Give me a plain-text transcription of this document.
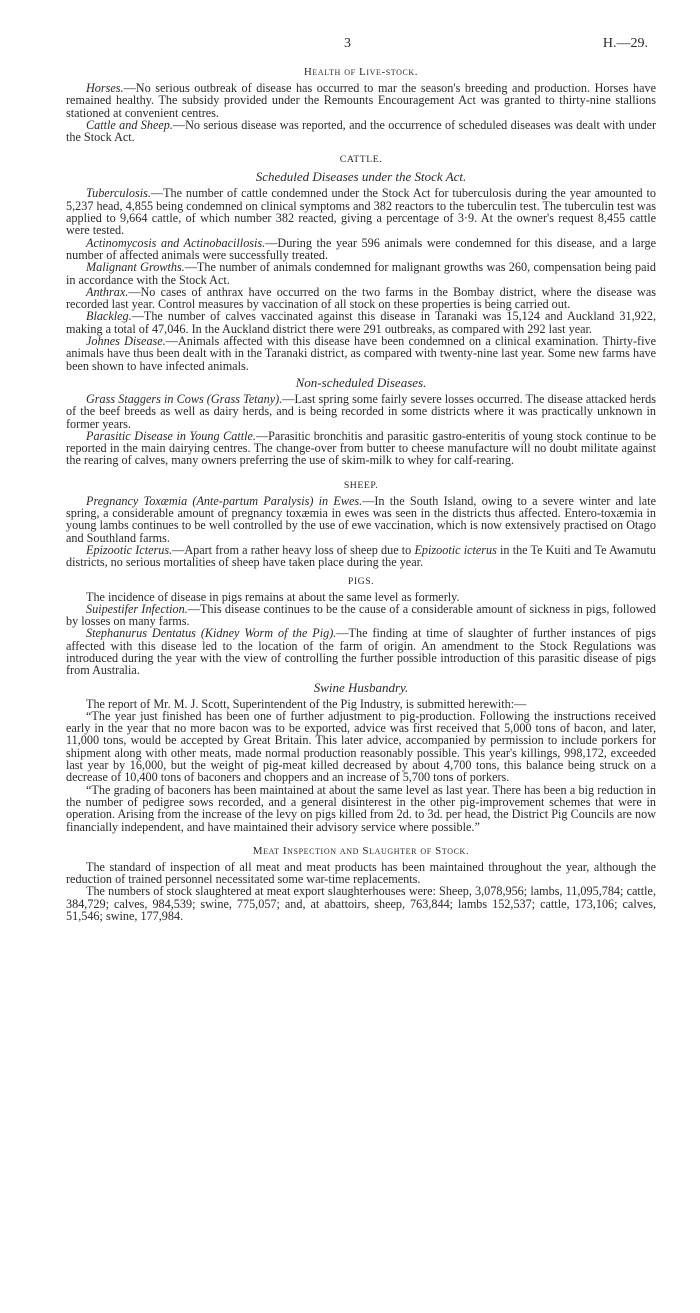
3	H.—29.
Health of Live-stock.

Horses.—No serious outbreak of disease has occurred to mar the season's breeding and production. Horses have remained healthy. The subsidy provided under the Remounts Encouragement Act was granted to thirty-nine stallions stationed at convenient centres.

Cattle and Sheep.—No serious disease was reported, and the occurrence of scheduled diseases was dealt with under the Stock Act.

CATTLE.
Scheduled Diseases under the Stock Act.

Tuberculosis.—The number of cattle condemned under the Stock Act for tuberculosis during the year amounted to 5,237 head, 4,855 being condemned on clinical symptoms and 382 reactors to the tuberculin test. The tuberculin test was applied to 9,664 cattle, of which number 382 reacted, giving a percentage of 3·9. At the owner's request 8,455 cattle were tested.

Actinomycosis and Actinobacillosis.—During the year 596 animals were condemned for this disease, and a large number of affected animals were successfully treated.

Malignant Growths.—The number of animals condemned for malignant growths was 260, compensation being paid in accordance with the Stock Act.

Anthrax.—No cases of anthrax have occurred on the two farms in the Bombay district, where the disease was recorded last year. Control measures by vaccination of all stock on these properties is being carried out.

Blackleg.—The number of calves vaccinated against this disease in Taranaki was 15,124 and Auckland 31,922, making a total of 47,046. In the Auckland district there were 291 outbreaks, as compared with 292 last year.

Johnes Disease.—Animals affected with this disease have been condemned on a clinical examination. Thirty-five animals have thus been dealt with in the Taranaki district, as compared with twenty-nine last year. Some new farms have been shown to have infected animals.

Non-scheduled Diseases.

Grass Staggers in Cows (Grass Tetany).—Last spring some fairly severe losses occurred. The disease attacked herds of the beef breeds as well as dairy herds, and is being recorded in some districts where it was practically unknown in former years.

Parasitic Disease in Young Cattle.—Parasitic bronchitis and parasitic gastro-enteritis of young stock continue to be reported in the main dairying centres. The change-over from butter to cheese manufacture will no doubt militate against the rearing of calves, many owners preferring the use of skim-milk to whey for calf-rearing.

SHEEP.

Pregnancy Toxæmia (Ante-partum Paralysis) in Ewes.—In the South Island, owing to a severe winter and late spring, a considerable amount of pregnancy toxæmia in ewes was seen in the districts thus affected. Entero-toxæmia in young lambs continues to be well controlled by the use of ewe vaccination, which is now extensively practised on Otago and Southland farms.

Epizootic Icterus.—Apart from a rather heavy loss of sheep due to Epizootic icterus in the Te Kuiti and Te Awamutu districts, no serious mortalities of sheep have taken place during the year.

PIGS.

The incidence of disease in pigs remains at about the same level as formerly.

Suipestifer Infection.—This disease continues to be the cause of a considerable amount of sickness in pigs, followed by losses on many farms.

Stephanurus Dentatus (Kidney Worm of the Pig).—The finding at time of slaughter of further instances of pigs affected with this disease led to the location of the farm of origin. An amendment to the Stock Regulations was introduced during the year with the view of controlling the further possible introduction of this parasitic disease of pigs from Australia.

Swine Husbandry.

The report of Mr. M. J. Scott, Superintendent of the Pig Industry, is submitted herewith:—

“The year just finished has been one of further adjustment to pig-production. Following the instructions received early in the year that no more bacon was to be exported, advice was first received that 5,000 tons of bacon, and later, 11,000 tons, would be accepted by Great Britain. This later advice, accompanied by permission to include porkers for shipment along with other meats, made normal production reasonably possible. This year's killings, 998,172, exceeded last year by 16,000, but the weight of pig-meat killed decreased by about 4,700 tons, this balance being struck on a decrease of 10,400 tons of baconers and choppers and an increase of 5,700 tons of porkers.

“The grading of baconers has been maintained at about the same level as last year. There has been a big reduction in the number of pedigree sows recorded, and a general disinterest in the other pig-improvement schemes that were in operation. Arising from the increase of the levy on pigs killed from 2d. to 3d. per head, the District Pig Councils are now financially independent, and have maintained their advisory service where possible.”

Meat Inspection and Slaughter of Stock.

The standard of inspection of all meat and meat products has been maintained throughout the year, although the reduction of trained personnel necessitated some war-time replacements.

The numbers of stock slaughtered at meat export slaughterhouses were: Sheep, 3,078,956; lambs, 11,095,784; cattle, 384,729; calves, 984,539; swine, 775,057; and, at abattoirs, sheep, 763,844; lambs 152,537; cattle, 173,106; calves, 51,546; swine, 177,984.
